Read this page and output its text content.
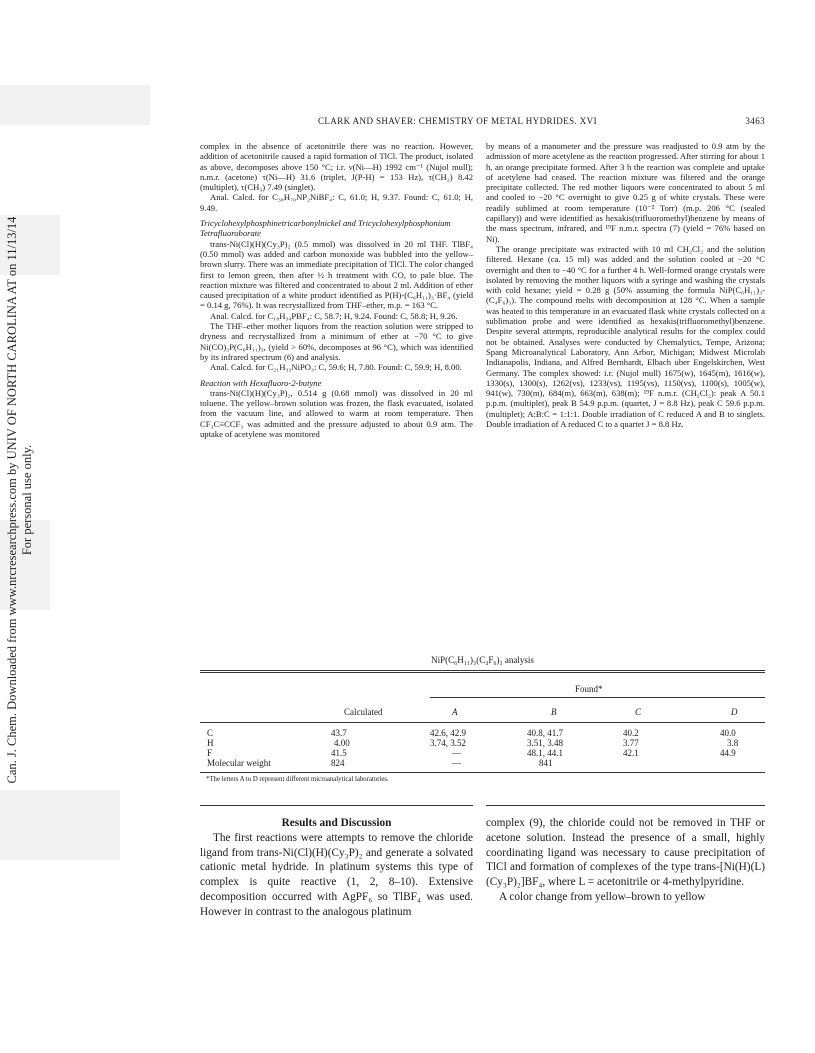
Can. J. Chem. Downloaded from www.nrcresearchpress.com by UNIV OF NORTH CAROLINA AT on 11/13/14 For personal use only.
CLARK AND SHAVER: CHEMISTRY OF METAL HYDRIDES. XVI	3463

complex in the absence of acetonitrile there was no reaction. However, addition of acetonitrile caused a rapid formation of TlCl. The product, isolated as above, decomposes above 150 °C; i.r. ν(Ni—H) 1992 cm⁻¹ (Nujol mull); n.m.r. (acetone) τ(Ni—H) 31.6 (triplet, J(P-H) = 153 Hz), τ(CH₂) 8.42 (multiplet), τ(CH₃) 7.49 (singlet).

Anal. Calcd. for C₃₈H₇₀NP₂NiBF₄: C, 61.0; H, 9.37. Found: C, 61.0; H, 9.49.

Tricyclohexylphosphinetricarbonylnickel and Tricyclohexylphosphonium Tetrafluoroborate

trans-Ni(Cl)(H)(Cy₃P)₂ (0.5 mmol) was dissolved in 20 ml THF. TlBF₄ (0.50 mmol) was added and carbon monoxide was bubbled into the yellow–brown slurry. There was an immediate precipitation of TlCl. The color changed first to lemon green, then after ½ h treatment with CO, to pale blue. The reaction mixture was filtered and concentrated to about 2 ml. Addition of ether caused precipitation of a white product identified as P(H)-(C₆H₁₁)₃·BF₄ (yield = 0.14 g, 76%). It was recrystallized from THF–ether, m.p. = 163 °C.

Anal. Calcd. for C₁₈H₃₄PBF₄: C, 58.7; H, 9.24. Found: C, 58.8; H, 9.26.

The THF–ether mother liquors from the reaction solution were stripped to dryness and recrystallized from a minimum of ether at −70 °C to give Ni(CO)₃P(C₆H₁₁)₃, (yield > 60%, decomposes at 96 °C), which was identified by its infrared spectrum (6) and analysis.

Anal. Calcd. for C₂₁H₃₃NiPO₃: C, 59.6; H, 7.80. Found: C, 59.9; H, 8.00.

Reaction with Hexafluoro-2-butyne

trans-Ni(Cl)(H)(Cy₃P)₂, 0.514 g (0.68 mmol) was dissolved in 20 ml toluene. The yellow–brown solution was frozen, the flask evacuated, isolated from the vacuum line, and allowed to warm at room temperature. Then CF₃C≡CCF₃ was admitted and the pressure adjusted to about 0.9 atm. The uptake of acetylene was monitored

by means of a manometer and the pressure was readjusted to 0.9 atm by the admission of more acetylene as the reaction progressed. After stirring for about 1 h, an orange precipitate formed. After 3 h the reaction was complete and uptake of acetylene had ceased. The reaction mixture was filtered and the orange precipitate collected. The red mother liquors were concentrated to about 5 ml and cooled to −20 °C overnight to give 0.25 g of white crystals. These were readily sublimed at room temperature (10⁻² Torr) (m.p. 206 °C (sealed capillary)) and were identified as hexakis(trifluoromethyl)benzene by means of the mass spectrum, infrared, and ¹⁹F n.m.r. spectra (7) (yield = 76% based on Ni).

The orange precipitate was extracted with 10 ml CH₂Cl₂ and the solution filtered. Hexane (ca. 15 ml) was added and the solution cooled at −20 °C overnight and then to −40 °C for a further 4 h. Well-formed orange crystals were isolated by removing the mother liquors with a syringe and washing the crystals with cold hexane; yield = 0.28 g (50% assuming the formula NiP(C₆H₁₁)₃-(C₄F₆)₃). The compound melts with decomposition at 128 °C. When a sample was heated to this temperature in an evacuated flask white crystals collected on a sublimation probe and were identified as hexakis(trifluoromethyl)benzene. Despite several attempts, reproducible analytical results for the complex could not be obtained. Analyses were conducted by Chemalytics, Tempe, Arizona; Spang Microanalytical Laboratory, Ann Arbor, Michigan; Midwest Microlab Indianapolis, Indiana, and Alfred Bernhardt, Elbach uber Engelskirchen, West Germany. The complex showed: i.r. (Nujol mull) 1675(w), 1645(m), 1616(w), 1330(s), 1300(s), 1262(vs), 1233(vs), 1195(vs), 1150(vs), 1100(s), 1005(w), 941(w), 730(m), 684(m), 663(m), 638(m); ¹⁹F n.m.r. (CH₂Cl₂): peak A 50.1 p.p.m. (multiplet), peak B 54.9 p.p.m. (quartet, J = 8.8 Hz), peak C 59.6 p.p.m. (multiplet); A:B:C = 1:1:1. Double irradiation of C reduced A and B to singlets. Double irradiation of A reduced C to a quartet J = 8.8 Hz.

NiP(C₆H₁₁)₃(C₄F₆)₃ analysis
Found*
Calculated	A	B	C	D
C	43.7	42.6, 42.9	40.8, 41.7	40.2	40.0
H	4.00	3.74, 3.52	3.51, 3.48	3.77	3.8
F	41.5	—	48.1, 44.1	42.1	44.9
Molecular weight	824	—	841
*The letters A to D represent different microanalytical laboratories.

Results and Discussion

The first reactions were attempts to remove the chloride ligand from trans-Ni(Cl)(H)(Cy₃P)₂ and generate a solvated cationic metal hydride. In platinum systems this type of complex is quite reactive (1, 2, 8–10). Extensive decomposition occurred with AgPF₆ so TlBF₄ was used. However in contrast to the analogous platinum

complex (9), the chloride could not be removed in THF or acetone solution. Instead the presence of a small, highly coordinating ligand was necessary to cause precipitation of TlCl and formation of complexes of the type trans-[Ni(H)(L)(Cy₃P)₂]BF₄, where L = acetonitrile or 4-methylpyridine.

A color change from yellow–brown to yellow
